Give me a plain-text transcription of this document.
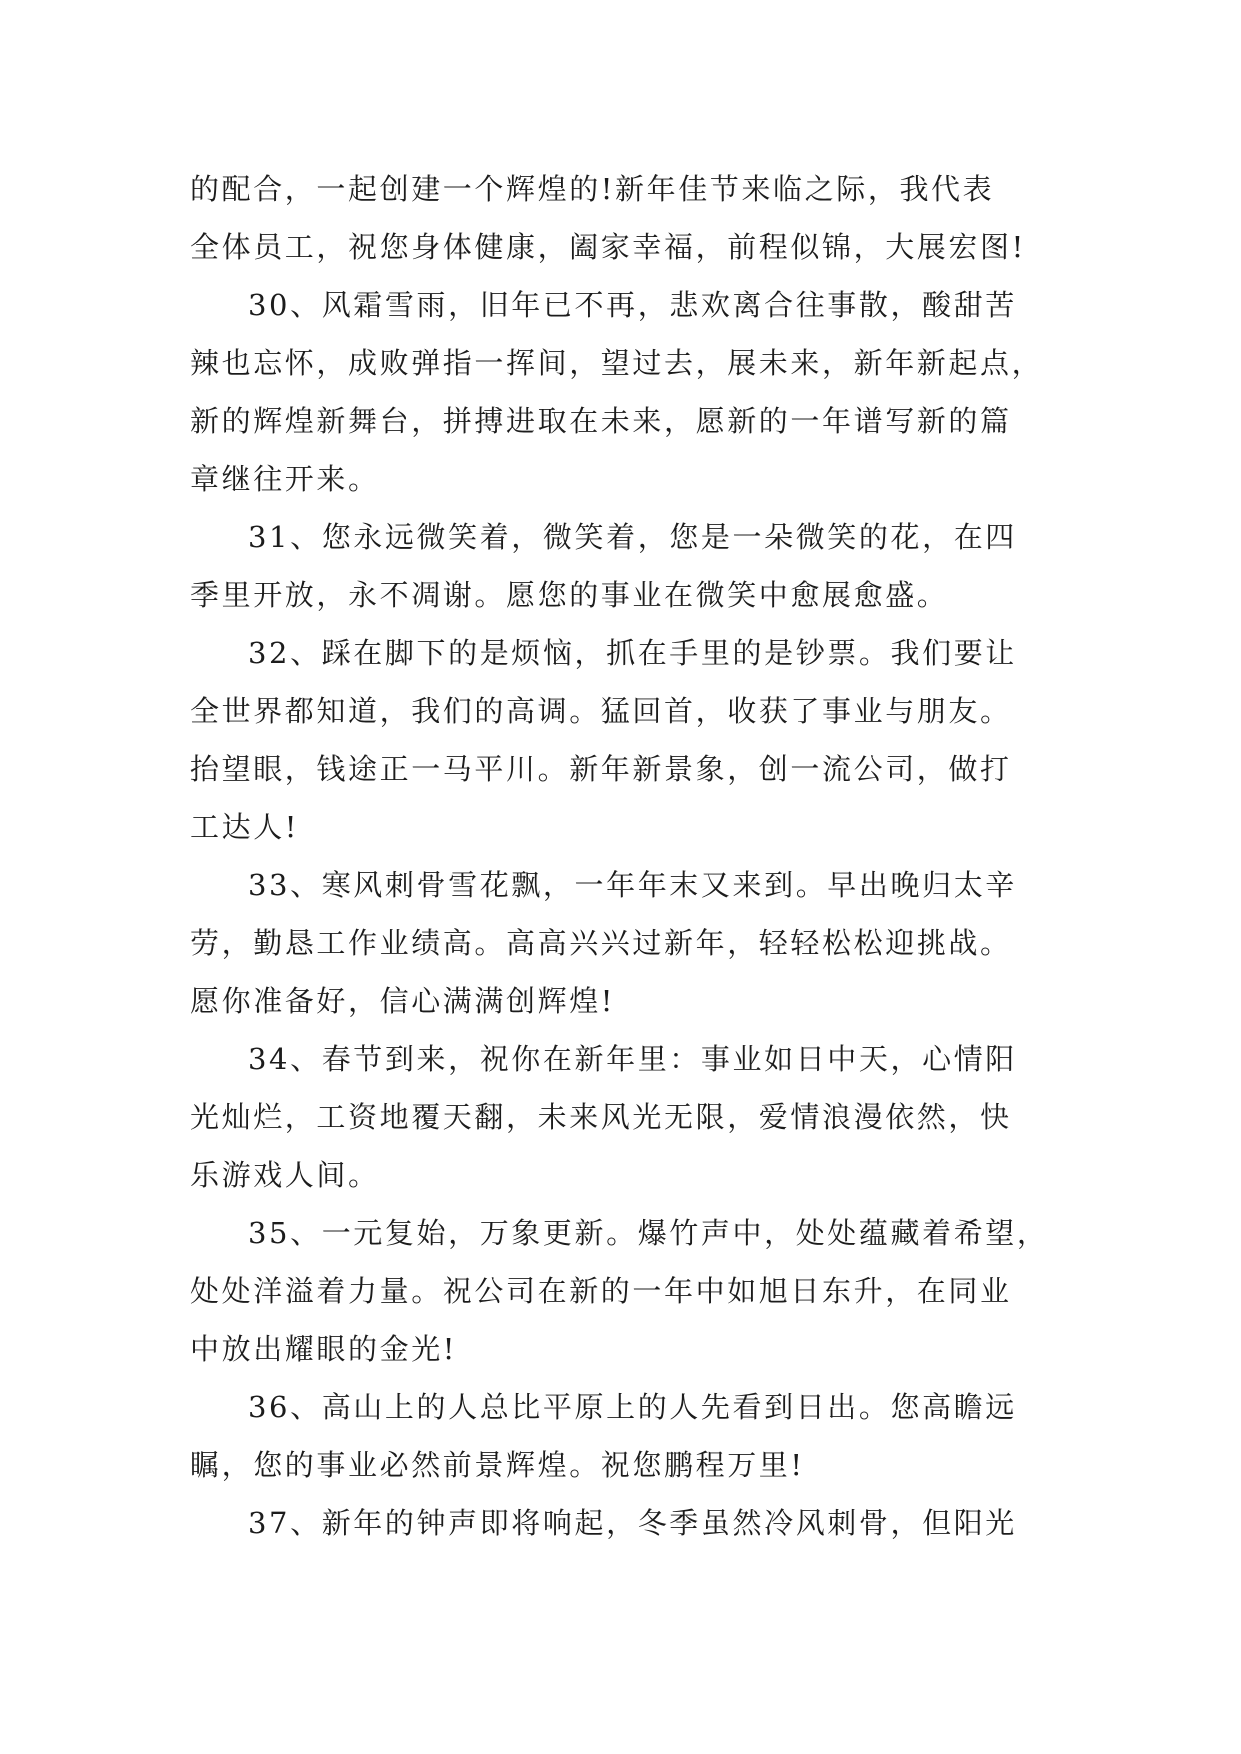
的配合，一起创建一个辉煌的!新年佳节来临之际，我代表
全体员工，祝您身体健康，阖家幸福，前程似锦，大展宏图!
30、风霜雪雨，旧年已不再，悲欢离合往事散，酸甜苦
辣也忘怀，成败弹指一挥间，望过去，展未来，新年新起点，
新的辉煌新舞台，拼搏进取在未来，愿新的一年谱写新的篇
章继往开来。
31、您永远微笑着，微笑着，您是一朵微笑的花，在四
季里开放，永不凋谢。愿您的事业在微笑中愈展愈盛。
32、踩在脚下的是烦恼，抓在手里的是钞票。我们要让
全世界都知道，我们的高调。猛回首，收获了事业与朋友。
抬望眼，钱途正一马平川。新年新景象，创一流公司，做打
工达人!
33、寒风刺骨雪花飘，一年年末又来到。早出晚归太辛
劳，勤恳工作业绩高。高高兴兴过新年，轻轻松松迎挑战。
愿你准备好，信心满满创辉煌!
34、春节到来，祝你在新年里：事业如日中天，心情阳
光灿烂，工资地覆天翻，未来风光无限，爱情浪漫依然，快
乐游戏人间。
35、一元复始，万象更新。爆竹声中，处处蕴藏着希望，
处处洋溢着力量。祝公司在新的一年中如旭日东升，在同业
中放出耀眼的金光!
36、高山上的人总比平原上的人先看到日出。您高瞻远
瞩，您的事业必然前景辉煌。祝您鹏程万里!
37、新年的钟声即将响起，冬季虽然冷风刺骨，但阳光
